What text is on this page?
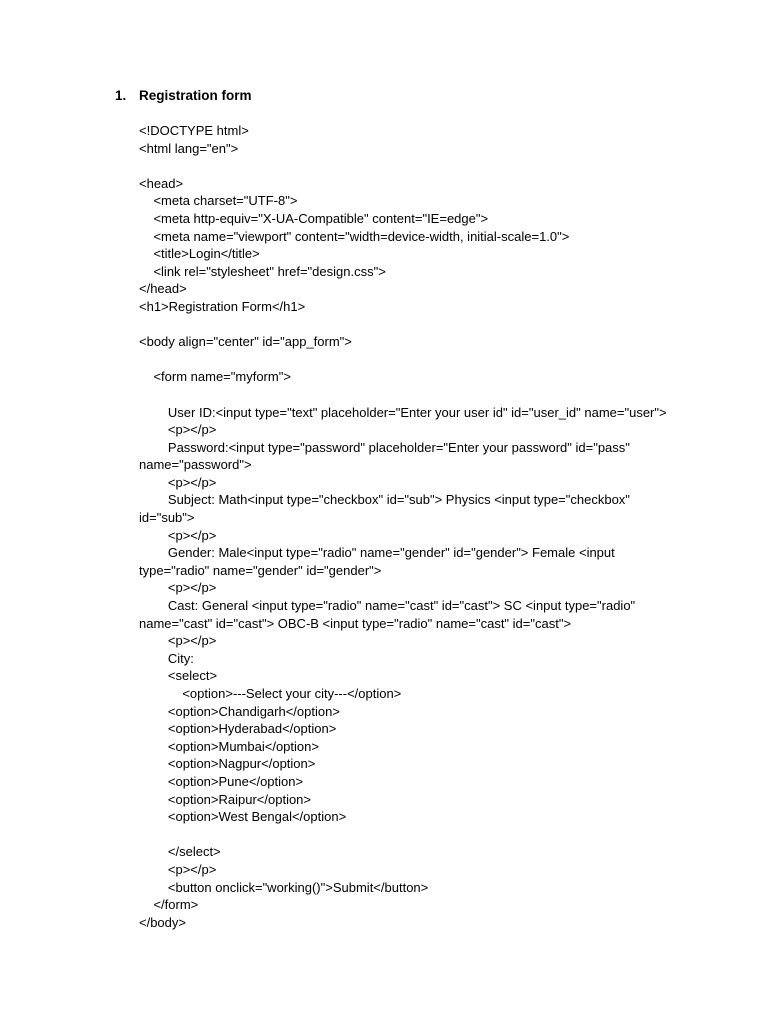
1. Registration form
<!DOCTYPE html>
<html lang="en">
<head>
<meta charset="UTF-8">
<meta http-equiv="X-UA-Compatible" content="IE=edge">
<meta name="viewport" content="width=device-width, initial-scale=1.0">
<title>Login</title>
<link rel="stylesheet" href="design.css">
</head>
<h1>Registration Form</h1>
<body align="center" id="app_form">
<form name="myform">
User ID:<input type="text" placeholder="Enter your user id" id="user_id" name="user">
<p></p>
Password:<input type="password" placeholder="Enter your password" id="pass"
name="password">
<p></p>
Subject: Math<input type="checkbox" id="sub"> Physics <input type="checkbox"
id="sub">
<p></p>
Gender: Male<input type="radio" name="gender" id="gender"> Female <input
type="radio" name="gender" id="gender">
<p></p>
Cast: General <input type="radio" name="cast" id="cast"> SC <input type="radio"
name="cast" id="cast"> OBC-B <input type="radio" name="cast" id="cast">
<p></p>
City:
<select>
<option>---Select your city---</option>
<option>Chandigarh</option>
<option>Hyderabad</option>
<option>Mumbai</option>
<option>Nagpur</option>
<option>Pune</option>
<option>Raipur</option>
<option>West Bengal</option>
</select>
<p></p>
<button onclick="working()">Submit</button>
</form>
</body>
